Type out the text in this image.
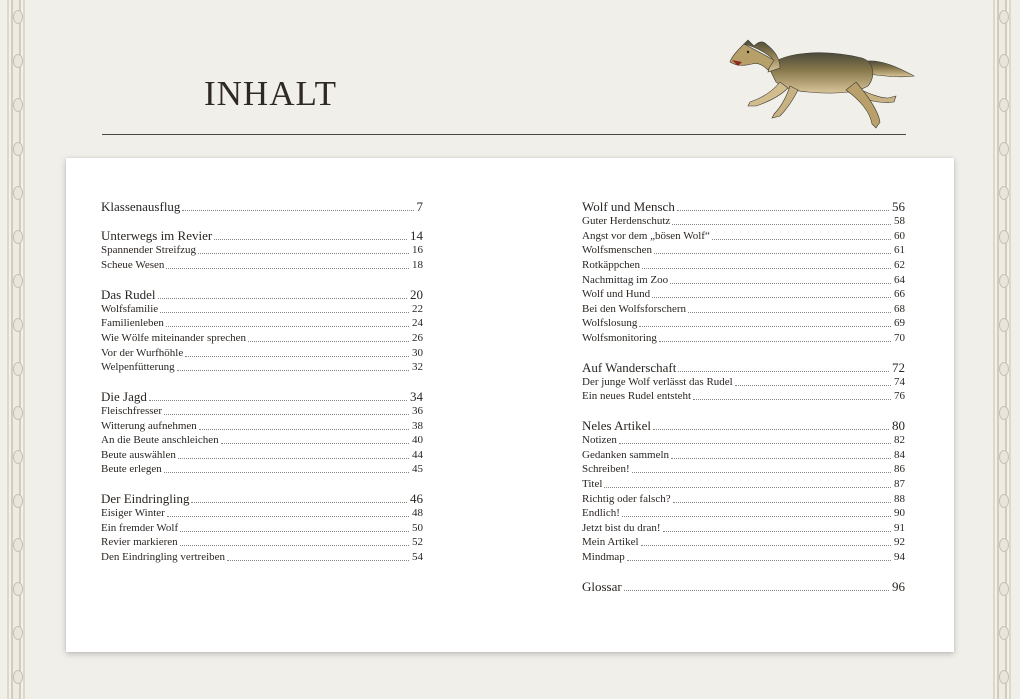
INHALT
Klassenausflug	7
Unterwegs im Revier	14
Spannender Streifzug	16
Scheue Wesen	18
Das Rudel	20
Wolfsfamilie	22
Familienleben	24
Wie Wölfe miteinander sprechen	26
Vor der Wurfhöhle	30
Welpenfütterung	32
Die Jagd	34
Fleischfresser	36
Witterung aufnehmen	38
An die Beute anschleichen	40
Beute auswählen	44
Beute erlegen	45
Der Eindringling	46
Eisiger Winter	48
Ein fremder Wolf	50
Revier markieren	52
Den Eindringling vertreiben	54
Wolf und Mensch	56
Guter Herdenschutz	58
Angst vor dem „bösen Wolf“	60
Wolfsmenschen	61
Rotkäppchen	62
Nachmittag im Zoo	64
Wolf und Hund	66
Bei den Wolfsforschern	68
Wolfslosung	69
Wolfsmonitoring	70
Auf Wanderschaft	72
Der junge Wolf verlässt das Rudel	74
Ein neues Rudel entsteht	76
Neles Artikel	80
Notizen	82
Gedanken sammeln	84
Schreiben!	86
Titel	87
Richtig oder falsch?	88
Endlich!	90
Jetzt bist du dran!	91
Mein Artikel	92
Mindmap	94
Glossar	96
